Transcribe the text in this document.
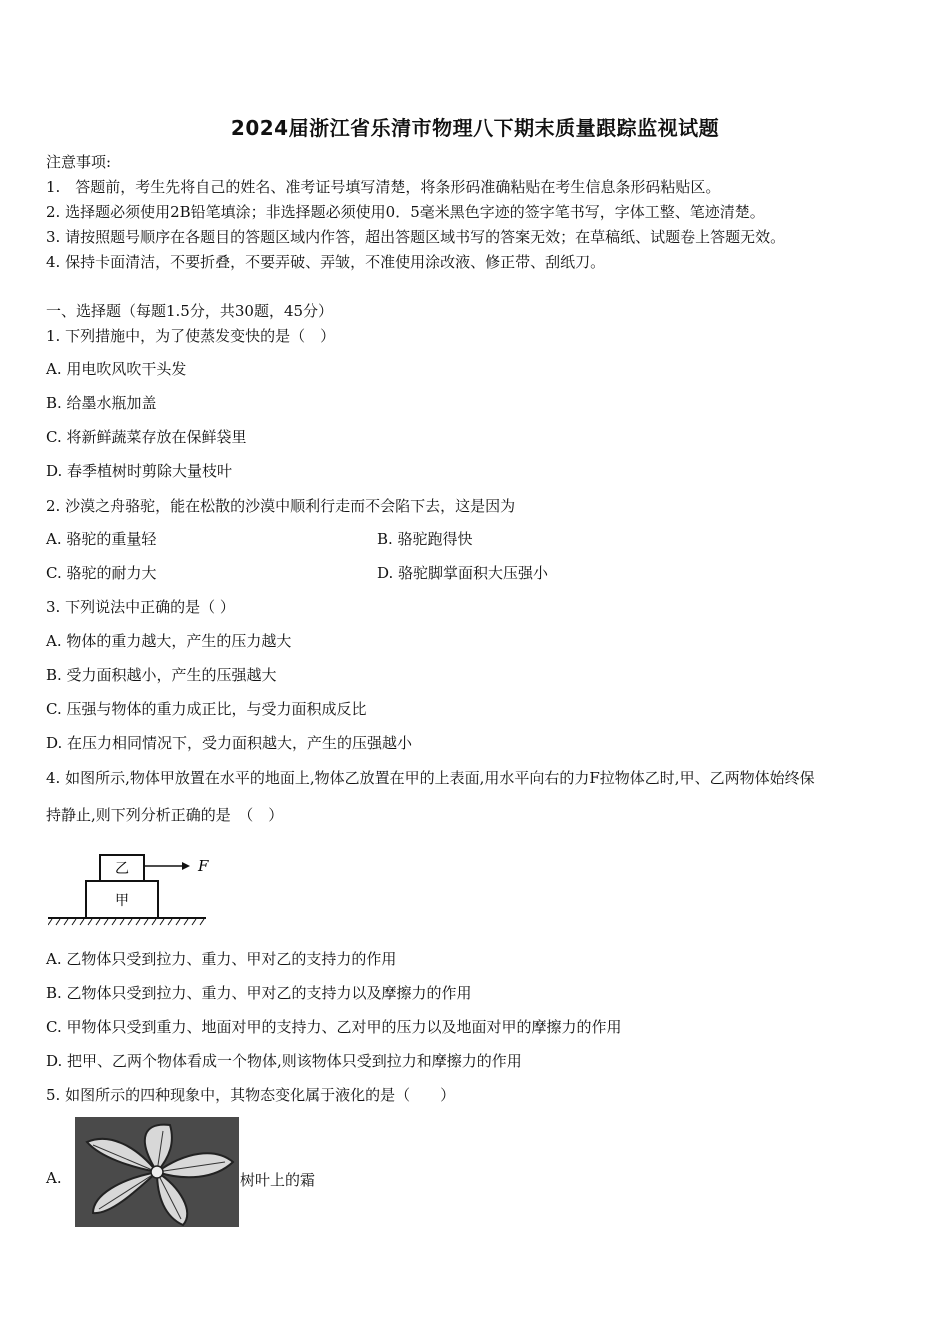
2024届浙江省乐清市物理八下期末质量跟踪监视试题
注意事项:
1.　答题前，考生先将自己的姓名、准考证号填写清楚，将条形码准确粘贴在考生信息条形码粘贴区。
2. 选择题必须使用2B铅笔填涂；非选择题必须使用0．5毫米黑色字迹的签字笔书写，字体工整、笔迹清楚。
3. 请按照题号顺序在各题目的答题区域内作答，超出答题区域书写的答案无效；在草稿纸、试题卷上答题无效。
4. 保持卡面清洁，不要折叠，不要弄破、弄皱，不准使用涂改液、修正带、刮纸刀。
一、选择题（每题1.5分，共30题，45分）
1. 下列措施中，为了使蒸发变快的是（　）
A. 用电吹风吹干头发
B. 给墨水瓶加盖
C. 将新鲜蔬菜存放在保鲜袋里
D. 春季植树时剪除大量枝叶
2. 沙漠之舟骆驼，能在松散的沙漠中顺利行走而不会陷下去，这是因为
A. 骆驼的重量轻	B. 骆驼跑得快
C. 骆驼的耐力大	D. 骆驼脚掌面积大压强小
3. 下列说法中正确的是（ ）
A. 物体的重力越大，产生的压力越大
B. 受力面积越小，产生的压强越大
C. 压强与物体的重力成正比，与受力面积成反比
D. 在压力相同情况下，受力面积越大，产生的压强越小
4. 如图所示,物体甲放置在水平的地面上,物体乙放置在甲的上表面,用水平向右的力F拉物体乙时,甲、乙两物体始终保
持静止,则下列分析正确的是　（　）
甲
乙	F
A. 乙物体只受到拉力、重力、甲对乙的支持力的作用
B. 乙物体只受到拉力、重力、甲对乙的支持力以及摩擦力的作用
C. 甲物体只受到重力、地面对甲的支持力、乙对甲的压力以及地面对甲的摩擦力的作用
D. 把甲、乙两个物体看成一个物体,则该物体只受到拉力和摩擦力的作用
5. 如图所示的四种现象中，其物态变化属于液化的是（　　）
A.	树叶上的霜
